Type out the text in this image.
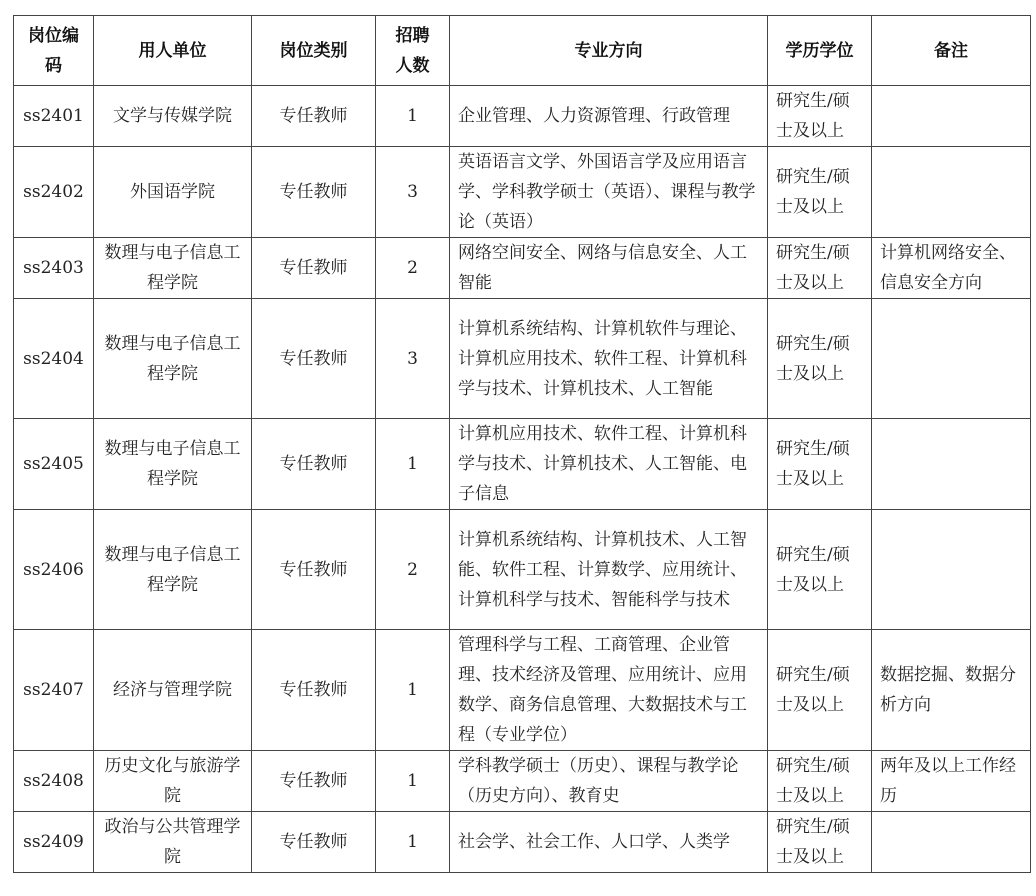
岗位编码	用人单位	岗位类别	招聘人数	专业方向	学历学位	备注
ss2401	文学与传媒学院	专任教师	1	企业管理、人力资源管理、行政管理	研究生/硕士及以上	
ss2402	外国语学院	专任教师	3	英语语言文学、外国语言学及应用语言学、学科教学硕士（英语）、课程与教学论（英语）	研究生/硕士及以上	
ss2403	数理与电子信息工程学院	专任教师	2	网络空间安全、网络与信息安全、人工智能	研究生/硕士及以上	计算机网络安全、信息安全方向
ss2404	数理与电子信息工程学院	专任教师	3	计算机系统结构、计算机软件与理论、计算机应用技术、软件工程、计算机科学与技术、计算机技术、人工智能	研究生/硕士及以上	
ss2405	数理与电子信息工程学院	专任教师	1	计算机应用技术、软件工程、计算机科学与技术、计算机技术、人工智能、电子信息	研究生/硕士及以上	
ss2406	数理与电子信息工程学院	专任教师	2	计算机系统结构、计算机技术、人工智能、软件工程、计算数学、应用统计、计算机科学与技术、智能科学与技术	研究生/硕士及以上	
ss2407	经济与管理学院	专任教师	1	管理科学与工程、工商管理、企业管理、技术经济及管理、应用统计、应用数学、商务信息管理、大数据技术与工程（专业学位）	研究生/硕士及以上	数据挖掘、数据分析方向
ss2408	历史文化与旅游学院	专任教师	1	学科教学硕士（历史）、课程与教学论（历史方向）、教育史	研究生/硕士及以上	两年及以上工作经历
ss2409	政治与公共管理学院	专任教师	1	社会学、社会工作、人口学、人类学	研究生/硕士及以上	
